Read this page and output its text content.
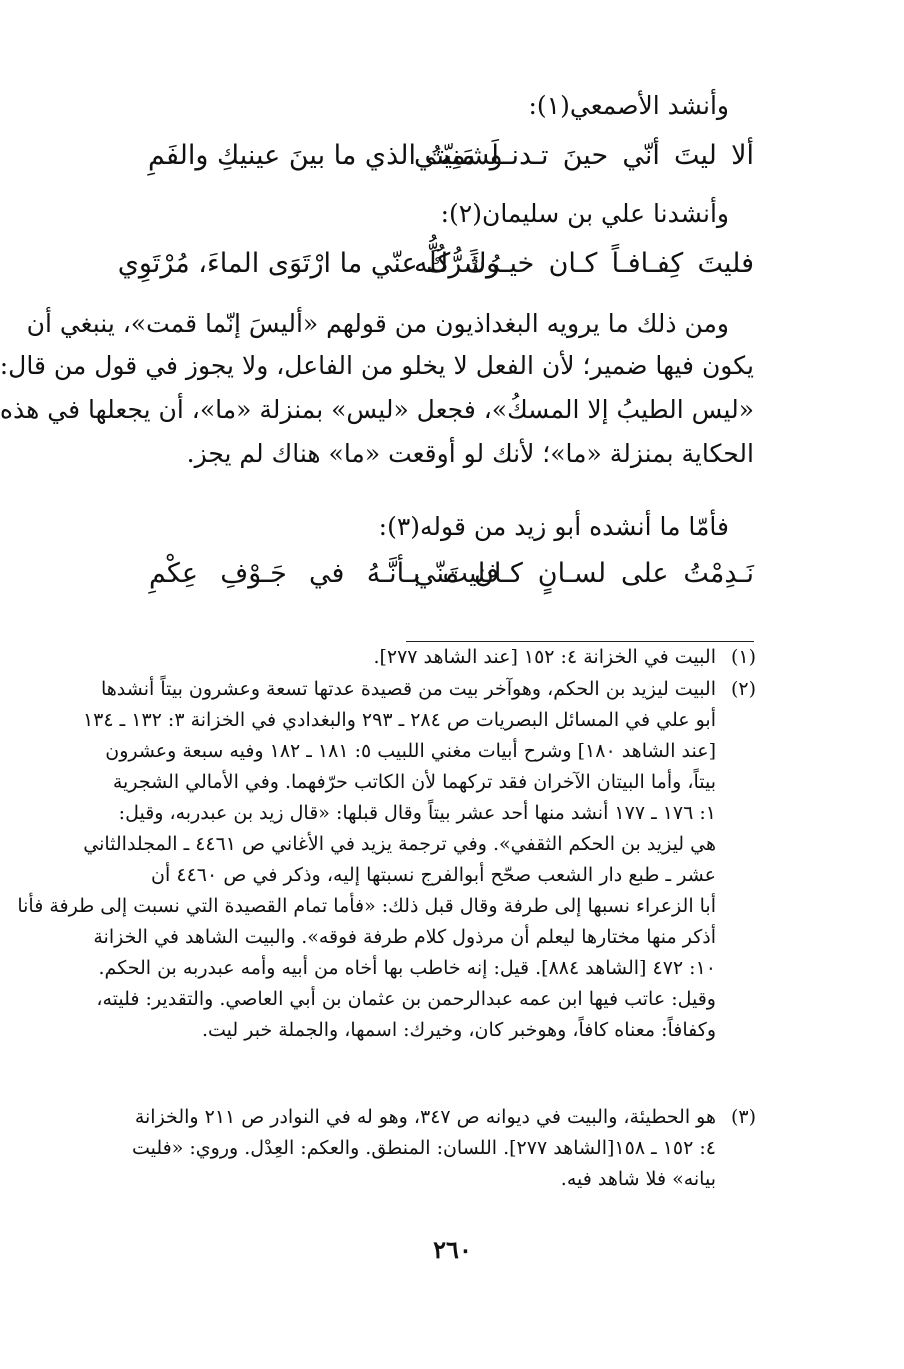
وأنشد الأصمعي(١):
ألا ليتَ أنّي حينَ تـدنـو مَنِيّتي
لَشمتُ الذي ما بينَ عينيكِ والفَمِ
وأنشدنا علي بن سليمان(٢):
فليتَ كِفـافـاً كـان خيـرُكَ كُلُّه
وشَرُّكَ عنّي ما ارْتَوَى الماءَ، مُرْتَوِي
ومن ذلك ما يرويه البغداذيون من قولهم «أليسَ إنّما قمت»، ينبغي أن
يكون فيها ضمير؛ لأن الفعل لا يخلو من الفاعل، ولا يجوز في قول من قال:
«ليس الطيبُ إلا المسكُ»، فجعل «ليس» بمنزلة «ما»، أن يجعلها في هذه
الحكاية بمنزلة «ما»؛ لأنك لو أوقعت «ما» هناك لم يجز.
فأمّا ما أنشده أبو زيد من قوله(٣):
نَـدِمْتُ على لسـانٍ كـان منّي
فليتَ بـأنَّـهُ في جَـوْفِ عِكْمِ
(١)
البيت في الخزانة ٤: ١٥٢ [عند الشاهد ٢٧٧].
(٢)
البيت ليزيد بن الحكم، وهوآخر بيت من قصيدة عدتها تسعة وعشرون بيتاً أنشدها
أبو علي في المسائل البصريات ص ٢٨٤ ـ ٢٩٣ والبغدادي في الخزانة ٣: ١٣٢ ـ ١٣٤
[عند الشاهد ١٨٠] وشرح أبيات مغني اللبيب ٥: ١٨١ ـ ١٨٢ وفيه سبعة وعشرون
بيتاً، وأما البيتان الآخران فقد تركهما لأن الكاتب حرّفهما. وفي الأمالي الشجرية
١: ١٧٦ ـ ١٧٧ أنشد منها أحد عشر بيتاً وقال قبلها: «قال زيد بن عبدربه، وقيل:
هي ليزيد بن الحكم الثقفي». وفي ترجمة يزيد في الأغاني ص ٤٤٦١ ـ المجلدالثاني
عشر ـ طبع دار الشعب صحّح أبوالفرج نسبتها إليه، وذكر في ص ٤٤٦٠ أن
أبا الزعراء نسبها إلى طرفة وقال قبل ذلك: «فأما تمام القصيدة التي نسبت إلى طرفة فأنا
أذكر منها مختارها ليعلم أن مرذول كلام طرفة فوقه». والبيت الشاهد في الخزانة
١٠: ٤٧٢ [الشاهد ٨٨٤]. قيل: إنه خاطب بها أخاه من أبيه وأمه عبدربه بن الحكم.
وقيل: عاتب فيها ابن عمه عبدالرحمن بن عثمان بن أبي العاصي. والتقدير: فليته،
وكفافاً: معناه كافاً، وهوخبر كان، وخيرك: اسمها، والجملة خبر ليت.
(٣)
هو الحطيئة، والبيت في ديوانه ص ٣٤٧، وهو له في النوادر ص ٢١١ والخزانة
٤: ١٥٢ ـ ١٥٨[الشاهد ٢٧٧]. اللسان: المنطق. والعكم: العِدْل. وروي: «فليت
بيانه» فلا شاهد فيه.
٢٦٠
